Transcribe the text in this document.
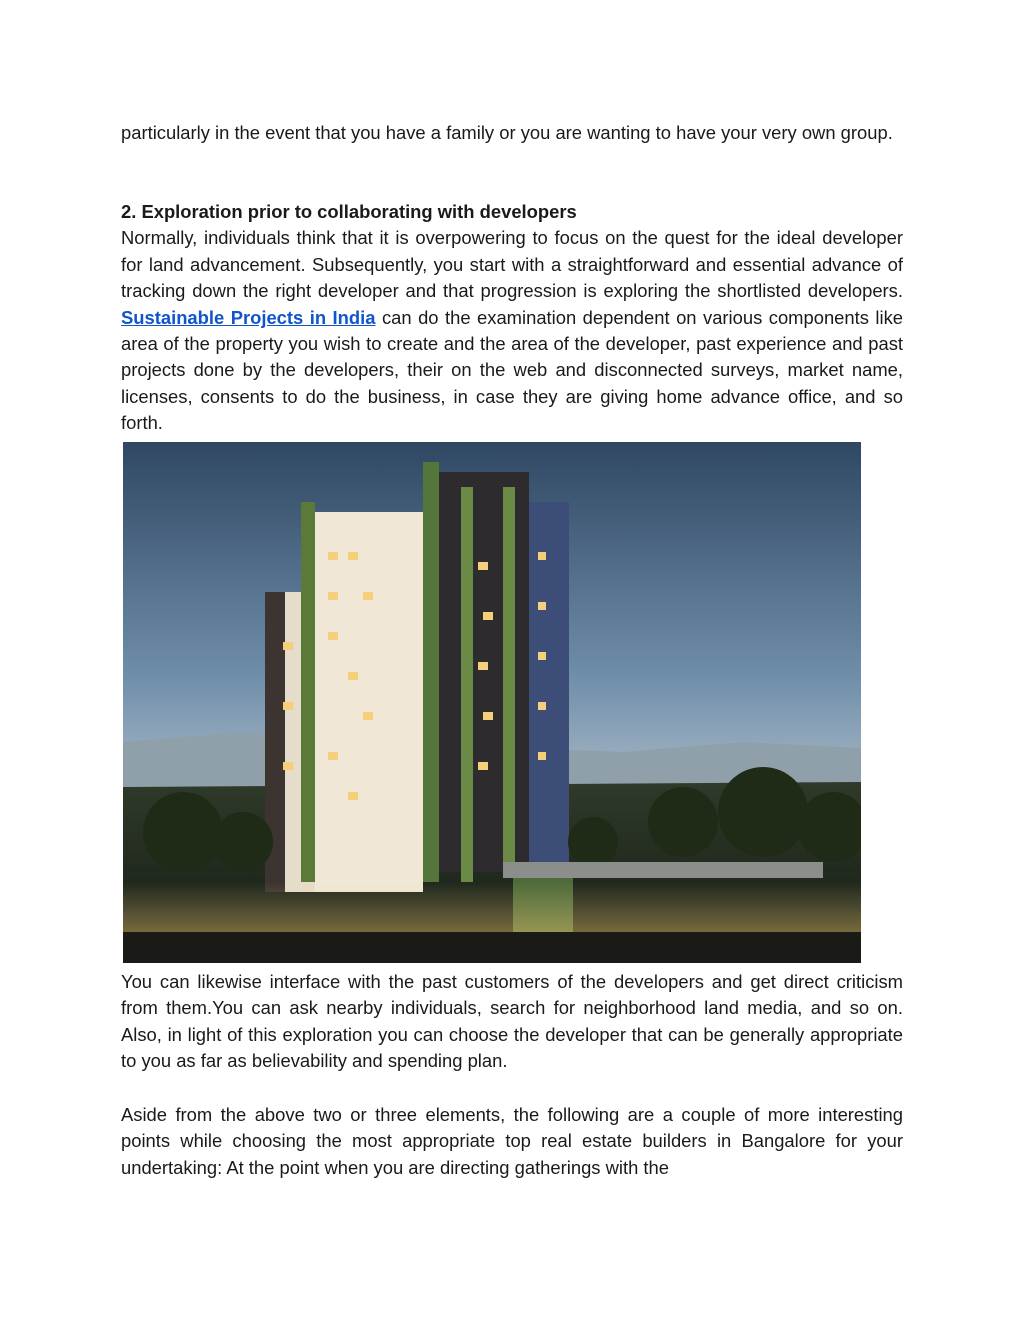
particularly in the event that you have a family or you are wanting to have your very own group.

2. Exploration prior to collaborating with developers

Normally, individuals think that it is overpowering to focus on the quest for the ideal developer for land advancement. Subsequently, you start with a straightforward and essential advance of tracking down the right developer and that progression is exploring the shortlisted developers. Sustainable Projects in India can do the examination dependent on various components like area of the property you wish to create and the area of the developer, past experience and past projects done by the developers, their on the web and disconnected surveys, market name, licenses, consents to do the business, in case they are giving home advance office, and so forth.

You can likewise interface with the past customers of the developers and get direct criticism from them.You can ask nearby individuals, search for neighborhood land media, and so on. Also, in light of this exploration you can choose the developer that can be generally appropriate to you as far as believability and spending plan.

Aside from the above two or three elements, the following are a couple of more interesting points while choosing the most appropriate top real estate builders in Bangalore for your undertaking: At the point when you are directing gatherings with the
